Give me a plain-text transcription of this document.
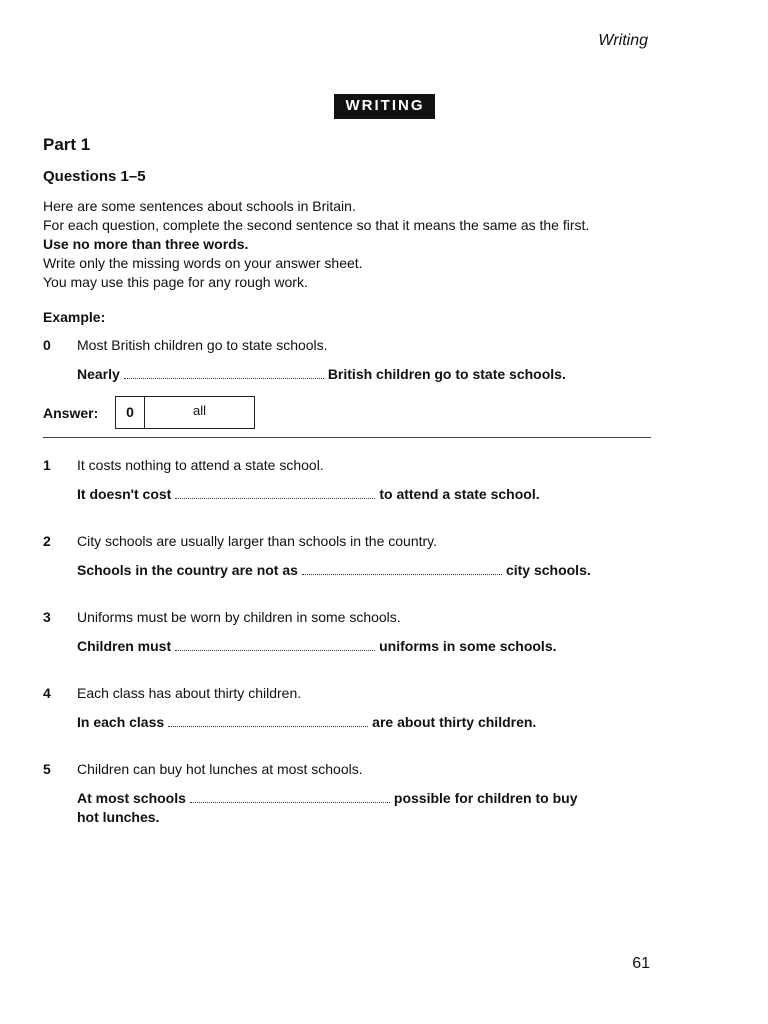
Writing
WRITING
Part 1
Questions 1–5
Here are some sentences about schools in Britain.
For each question, complete the second sentence so that it means the same as the first.
Use no more than three words.
Write only the missing words on your answer sheet.
You may use this page for any rough work.
Example:
0	Most British children go to state schools.
Nearly	British children go to state schools.
Answer:	0	all
1	It costs nothing to attend a state school.
It doesn't cost	to attend a state school.
2	City schools are usually larger than schools in the country.
Schools in the country are not as	city schools.
3	Uniforms must be worn by children in some schools.
Children must	uniforms in some schools.
4	Each class has about thirty children.
In each class	are about thirty children.
5	Children can buy hot lunches at most schools.
At most schools	possible for children to buy hot lunches.
61
